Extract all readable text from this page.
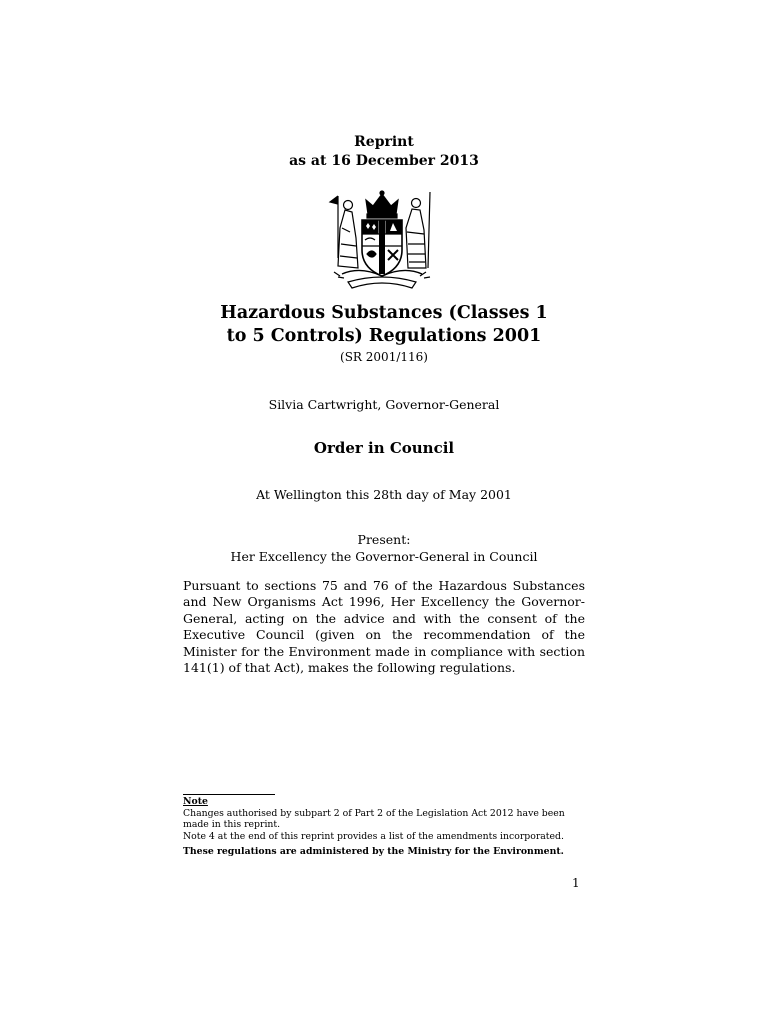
Reprint
as at 16 December 2013
Hazardous Substances (Classes 1
to 5 Controls) Regulations 2001
(SR 2001/116)
Silvia Cartwright, Governor-General
Order in Council
At Wellington this 28th day of May 2001
Present:
Her Excellency the Governor-General in Council

Pursuant to sections 75 and 76 of the Hazardous Substances and New Organisms Act 1996, Her Excellency the Governor-General, acting on the advice and with the consent of the Executive Council (given on the recommendation of the Minister for the Environment made in compliance with section 141(1) of that Act), makes the following regulations.

Note

Changes authorised by subpart 2 of Part 2 of the Legislation Act 2012 have been made in this reprint.

Note 4 at the end of this reprint provides a list of the amendments incorporated.

These regulations are administered by the Ministry for the Environment.

1
